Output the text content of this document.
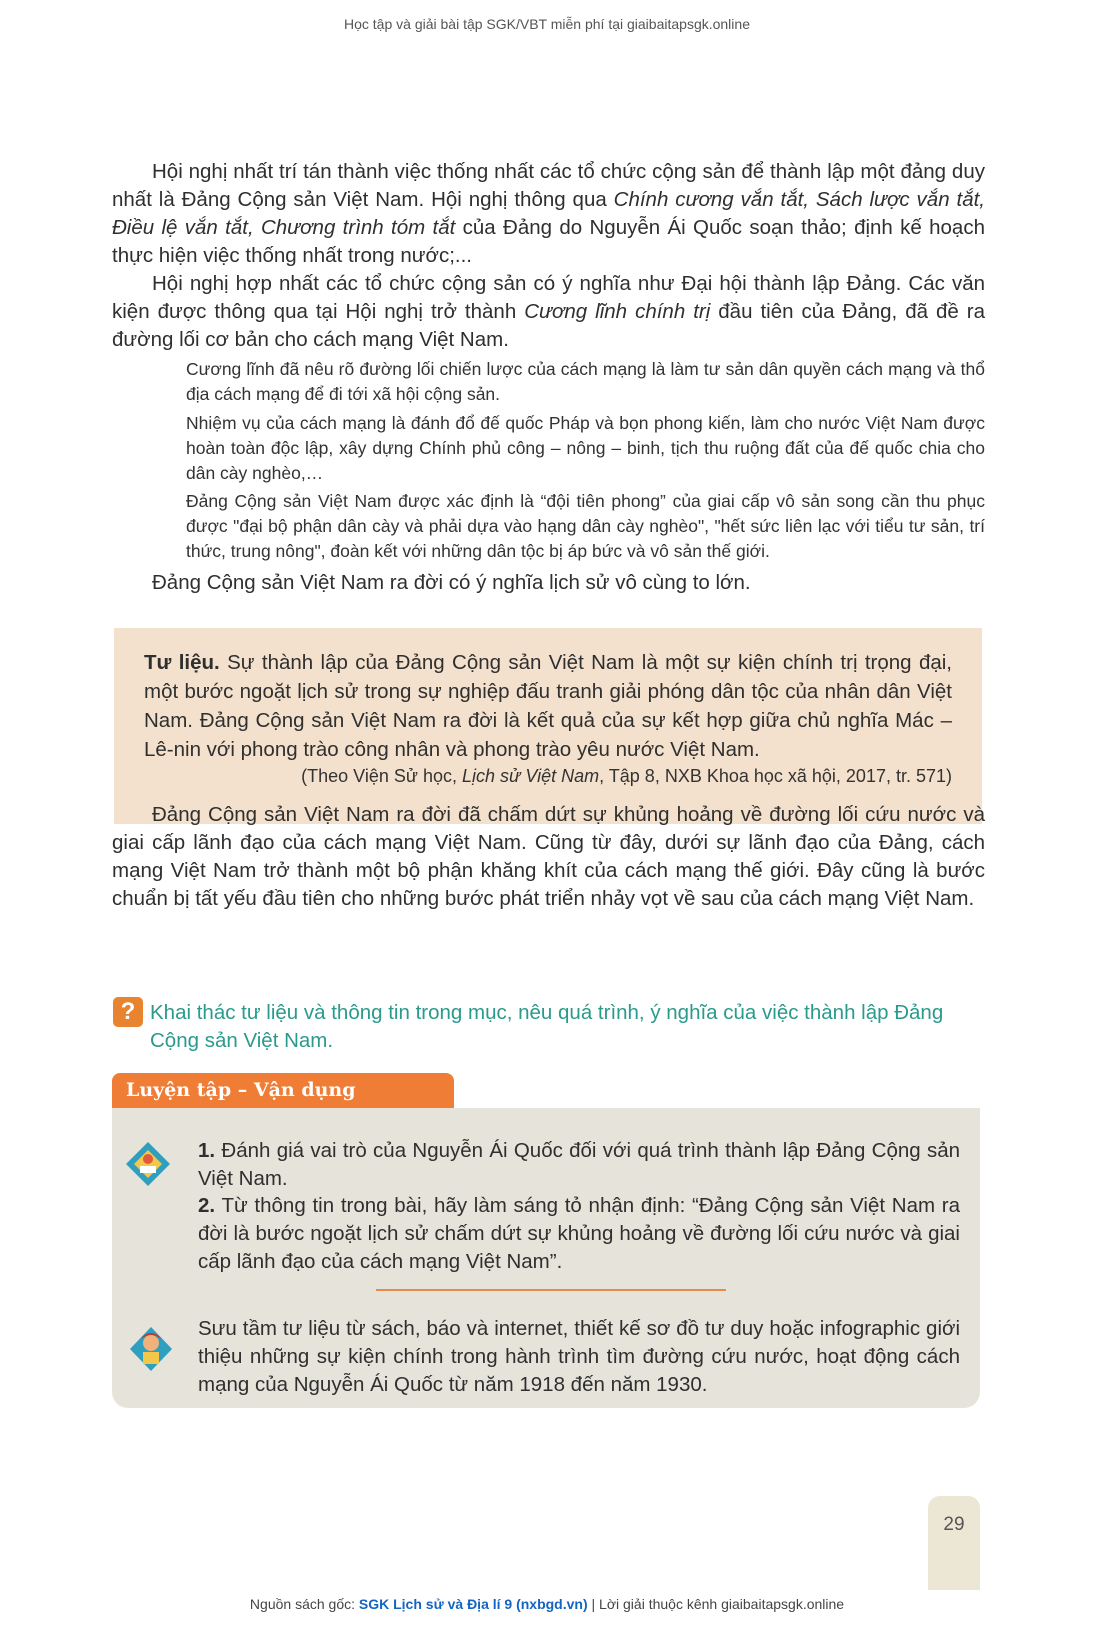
Học tập và giải bài tập SGK/VBT miễn phí tại giaibaitapsgk.online
Hội nghị nhất trí tán thành việc thống nhất các tổ chức cộng sản để thành lập một đảng duy nhất là Đảng Cộng sản Việt Nam. Hội nghị thông qua Chính cương vắn tắt, Sách lược vắn tắt, Điều lệ vắn tắt, Chương trình tóm tắt của Đảng do Nguyễn Ái Quốc soạn thảo; định kế hoạch thực hiện việc thống nhất trong nước;...
Hội nghị hợp nhất các tổ chức cộng sản có ý nghĩa như Đại hội thành lập Đảng. Các văn kiện được thông qua tại Hội nghị trở thành Cương lĩnh chính trị đầu tiên của Đảng, đã đề ra đường lối cơ bản cho cách mạng Việt Nam.
Cương lĩnh đã nêu rõ đường lối chiến lược của cách mạng là làm tư sản dân quyền cách mạng và thổ địa cách mạng để đi tới xã hội cộng sản.
Nhiệm vụ của cách mạng là đánh đổ đế quốc Pháp và bọn phong kiến, làm cho nước Việt Nam được hoàn toàn độc lập, xây dựng Chính phủ công – nông – binh, tịch thu ruộng đất của đế quốc chia cho dân cày nghèo,…
Đảng Cộng sản Việt Nam được xác định là “đội tiên phong” của giai cấp vô sản song cần thu phục được "đại bộ phận dân cày và phải dựa vào hạng dân cày nghèo", "hết sức liên lạc với tiểu tư sản, trí thức, trung nông", đoàn kết với những dân tộc bị áp bức và vô sản thế giới.
Đảng Cộng sản Việt Nam ra đời có ý nghĩa lịch sử vô cùng to lớn.
Tư liệu. Sự thành lập của Đảng Cộng sản Việt Nam là một sự kiện chính trị trọng đại, một bước ngoặt lịch sử trong sự nghiệp đấu tranh giải phóng dân tộc của nhân dân Việt Nam. Đảng Cộng sản Việt Nam ra đời là kết quả của sự kết hợp giữa chủ nghĩa Mác – Lê-nin với phong trào công nhân và phong trào yêu nước Việt Nam.
(Theo Viện Sử học, Lịch sử Việt Nam, Tập 8, NXB Khoa học xã hội, 2017, tr. 571)
Đảng Cộng sản Việt Nam ra đời đã chấm dứt sự khủng hoảng về đường lối cứu nước và giai cấp lãnh đạo của cách mạng Việt Nam. Cũng từ đây, dưới sự lãnh đạo của Đảng, cách mạng Việt Nam trở thành một bộ phận khăng khít của cách mạng thế giới. Đây cũng là bước chuẩn bị tất yếu đầu tiên cho những bước phát triển nhảy vọt về sau của cách mạng Việt Nam.
? Khai thác tư liệu và thông tin trong mục, nêu quá trình, ý nghĩa của việc thành lập Đảng Cộng sản Việt Nam.
Luyện tập – Vận dụng
1. Đánh giá vai trò của Nguyễn Ái Quốc đối với quá trình thành lập Đảng Cộng sản Việt Nam.
2. Từ thông tin trong bài, hãy làm sáng tỏ nhận định: “Đảng Cộng sản Việt Nam ra đời là bước ngoặt lịch sử chấm dứt sự khủng hoảng về đường lối cứu nước và giai cấp lãnh đạo của cách mạng Việt Nam”.
Sưu tầm tư liệu từ sách, báo và internet, thiết kế sơ đồ tư duy hoặc infographic giới thiệu những sự kiện chính trong hành trình tìm đường cứu nước, hoạt động cách mạng của Nguyễn Ái Quốc từ năm 1918 đến năm 1930.
29
Nguồn sách gốc: SGK Lịch sử và Địa lí 9 (nxbgd.vn) | Lời giải thuộc kênh giaibaitapsgk.online
